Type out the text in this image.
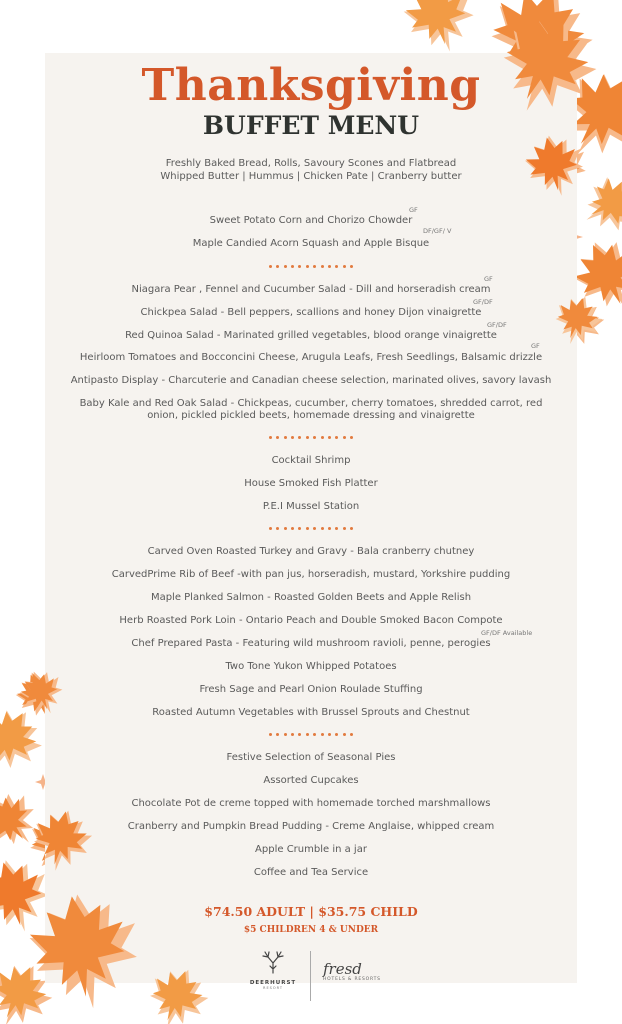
Thanksgiving
BUFFET MENU
Freshly Baked Bread, Rolls, Savoury Scones and Flatbread
Whipped Butter | Hummus | Chicken Pate | Cranberry butter
GF
Sweet Potato Corn and Chorizo Chowder
DF/GF/ V
Maple Candied Acorn Squash and Apple Bisque
GF
Niagara Pear , Fennel and Cucumber Salad - Dill and horseradish cream
GF/DF
Chickpea Salad - Bell peppers, scallions and honey Dijon vinaigrette
GF/DF
Red Quinoa Salad - Marinated grilled vegetables, blood orange vinaigrette
GF
Heirloom Tomatoes and Bocconcini Cheese, Arugula Leafs, Fresh Seedlings, Balsamic drizzle
Antipasto Display - Charcuterie and Canadian cheese selection, marinated olives, savory lavash
Baby Kale and Red Oak Salad - Chickpeas, cucumber, cherry tomatoes, shredded carrot, red
onion, pickled pickled beets, homemade dressing and vinaigrette
Cocktail Shrimp
House Smoked Fish Platter
P.E.I Mussel Station
Carved Oven Roasted Turkey and Gravy - Bala cranberry chutney
CarvedPrime Rib of Beef -with pan jus, horseradish, mustard, Yorkshire pudding
Maple Planked Salmon - Roasted Golden Beets and Apple Relish
Herb Roasted Pork Loin - Ontario Peach and Double Smoked Bacon Compote
GF/DF Available
Chef Prepared Pasta - Featuring wild mushroom ravioli, penne, perogies
Two Tone Yukon Whipped Potatoes
Fresh Sage and Pearl Onion Roulade Stuffing
Roasted Autumn Vegetables with Brussel Sprouts and Chestnut
Festive Selection of Seasonal Pies
Assorted Cupcakes
Chocolate Pot de creme topped with homemade torched marshmallows
Cranberry and Pumpkin Bread Pudding - Creme Anglaise, whipped cream
Apple Crumble in a jar
Coffee and Tea Service
$74.50 ADULT | $35.75 CHILD
$5 CHILDREN 4 & UNDER
DEERHURST
RESORT
fresd
HOTELS & RESORTS
